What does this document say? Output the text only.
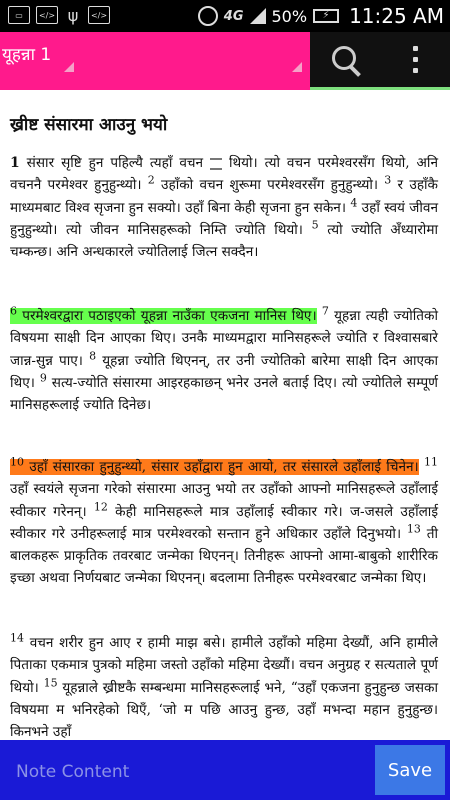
▭	</> ψ	</>	4G 50%	⚡ 11:25 AM
यूहन्ना 1
ख्रीष्ट संसारमा आउनु भयो

1 संसार सृष्टि हुन पहिल्यै त्यहाँ वचन  थियो। त्यो वचन परमेश्वरसँग थियो, अनि वचननै परमेश्वर हुनुहुन्थ्यो। $^2$ उहाँको वचन शुरूमा परमेश्वरसँग हुनुहुन्थ्यो। $^3$ र उहाँकै माध्यमबाट विश्व सृजना हुन सक्यो। उहाँ बिना केही सृजना हुन सकेन। $^4$ उहाँ स्वयं जीवन हुनुहुन्थ्यो। त्यो जीवन मानिसहरूको निम्ति ज्योति थियो। $^5$ त्यो ज्योति अँध्यारोमा चम्कन्छ। अनि अन्धकारले ज्योतिलाई जित्न सक्दैन।

$^6$ परमेश्वरद्वारा पठाइएको यूहन्ना नाउँका एकजना मानिस थिए। $^7$ यूहन्ना त्यही ज्योतिको विषयमा साक्षी दिन आएका थिए। उनकै माध्यमद्वारा मानिसहरूले ज्योति र विश्वासबारे जान्न-सुन्न पाए। $^8$ यूहन्ना ज्योति थिएनन्, तर उनी ज्योतिको बारेमा साक्षी दिन आएका थिए। $^9$ सत्य-ज्योति संसारमा आइरहकाछन् भनेर उनले बताई दिए। त्यो ज्योतिले सम्पूर्ण मानिसहरूलाई ज्योति दिनेछ।

$^{10}$ उहाँ संसारका हुनुहुन्थ्यो, संसार उहाँद्वारा हुन आयो, तर संसारले उहाँलाई चिनेन। $^{11}$ उहाँ स्वयंले सृजना गरेको संसारमा आउनु भयो तर उहाँको आफ्नो मानिसहरूले उहाँलाई स्वीकार गरेनन्। $^{12}$ केही मानिसहरूले मात्र उहाँलाई स्वीकार गरे। ज-जसले उहाँलाई स्वीकार गरे उनीहरूलाई मात्र परमेश्वरको सन्तान हुने अधिकार उहाँले दिनुभयो। $^{13}$ ती बालकहरू प्राकृतिक तवरबाट जन्मेका थिएनन्। तिनीहरू आफ्नो आमा-बाबुको शारीरिक इच्छा अथवा निर्णयबाट जन्मेका थिएनन्। बदलामा तिनीहरू परमेश्वरबाट जन्मेका थिए।

$^{14}$ वचन शरीर हुन आए र हामी माझ बसे। हामीले उहाँको महिमा देख्यौं, अनि हामीले पिताका एकमात्र पुत्रको महिमा जस्तो उहाँको महिमा देख्यौं। वचन अनुग्रह र सत्यताले पूर्ण थियो। $^{15}$ यूहन्नाले ख्रीष्टकै सम्बन्धमा मानिसहरूलाई भने, “उहाँ एकजना हुनुहुन्छ जसका विषयमा म भनिरहेको थिएँ, ‘जो म पछि आउनु हुन्छ, उहाँ मभन्दा महान हुनुहुन्छ। किनभने उहाँ

Note Content
Save
